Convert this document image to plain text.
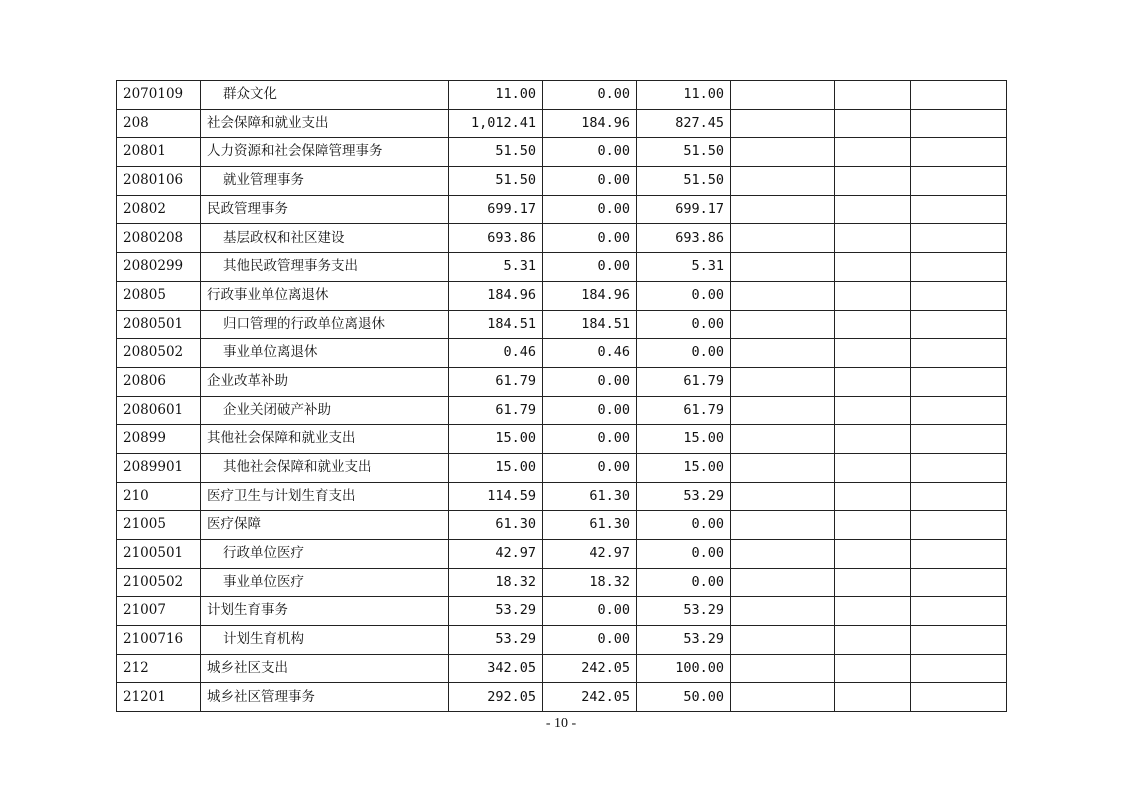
2070109	群众文化	11.00	0.00	11.00			
208	社会保障和就业支出	1,012.41	184.96	827.45			
20801	人力资源和社会保障管理事务	51.50	0.00	51.50			
2080106	就业管理事务	51.50	0.00	51.50			
20802	民政管理事务	699.17	0.00	699.17			
2080208	基层政权和社区建设	693.86	0.00	693.86			
2080299	其他民政管理事务支出	5.31	0.00	5.31			
20805	行政事业单位离退休	184.96	184.96	0.00			
2080501	归口管理的行政单位离退休	184.51	184.51	0.00			
2080502	事业单位离退休	0.46	0.46	0.00			
20806	企业改革补助	61.79	0.00	61.79			
2080601	企业关闭破产补助	61.79	0.00	61.79			
20899	其他社会保障和就业支出	15.00	0.00	15.00			
2089901	其他社会保障和就业支出	15.00	0.00	15.00			
210	医疗卫生与计划生育支出	114.59	61.30	53.29			
21005	医疗保障	61.30	61.30	0.00			
2100501	行政单位医疗	42.97	42.97	0.00			
2100502	事业单位医疗	18.32	18.32	0.00			
21007	计划生育事务	53.29	0.00	53.29			
2100716	计划生育机构	53.29	0.00	53.29			
212	城乡社区支出	342.05	242.05	100.00			
21201	城乡社区管理事务	292.05	242.05	50.00			
- 10 -
